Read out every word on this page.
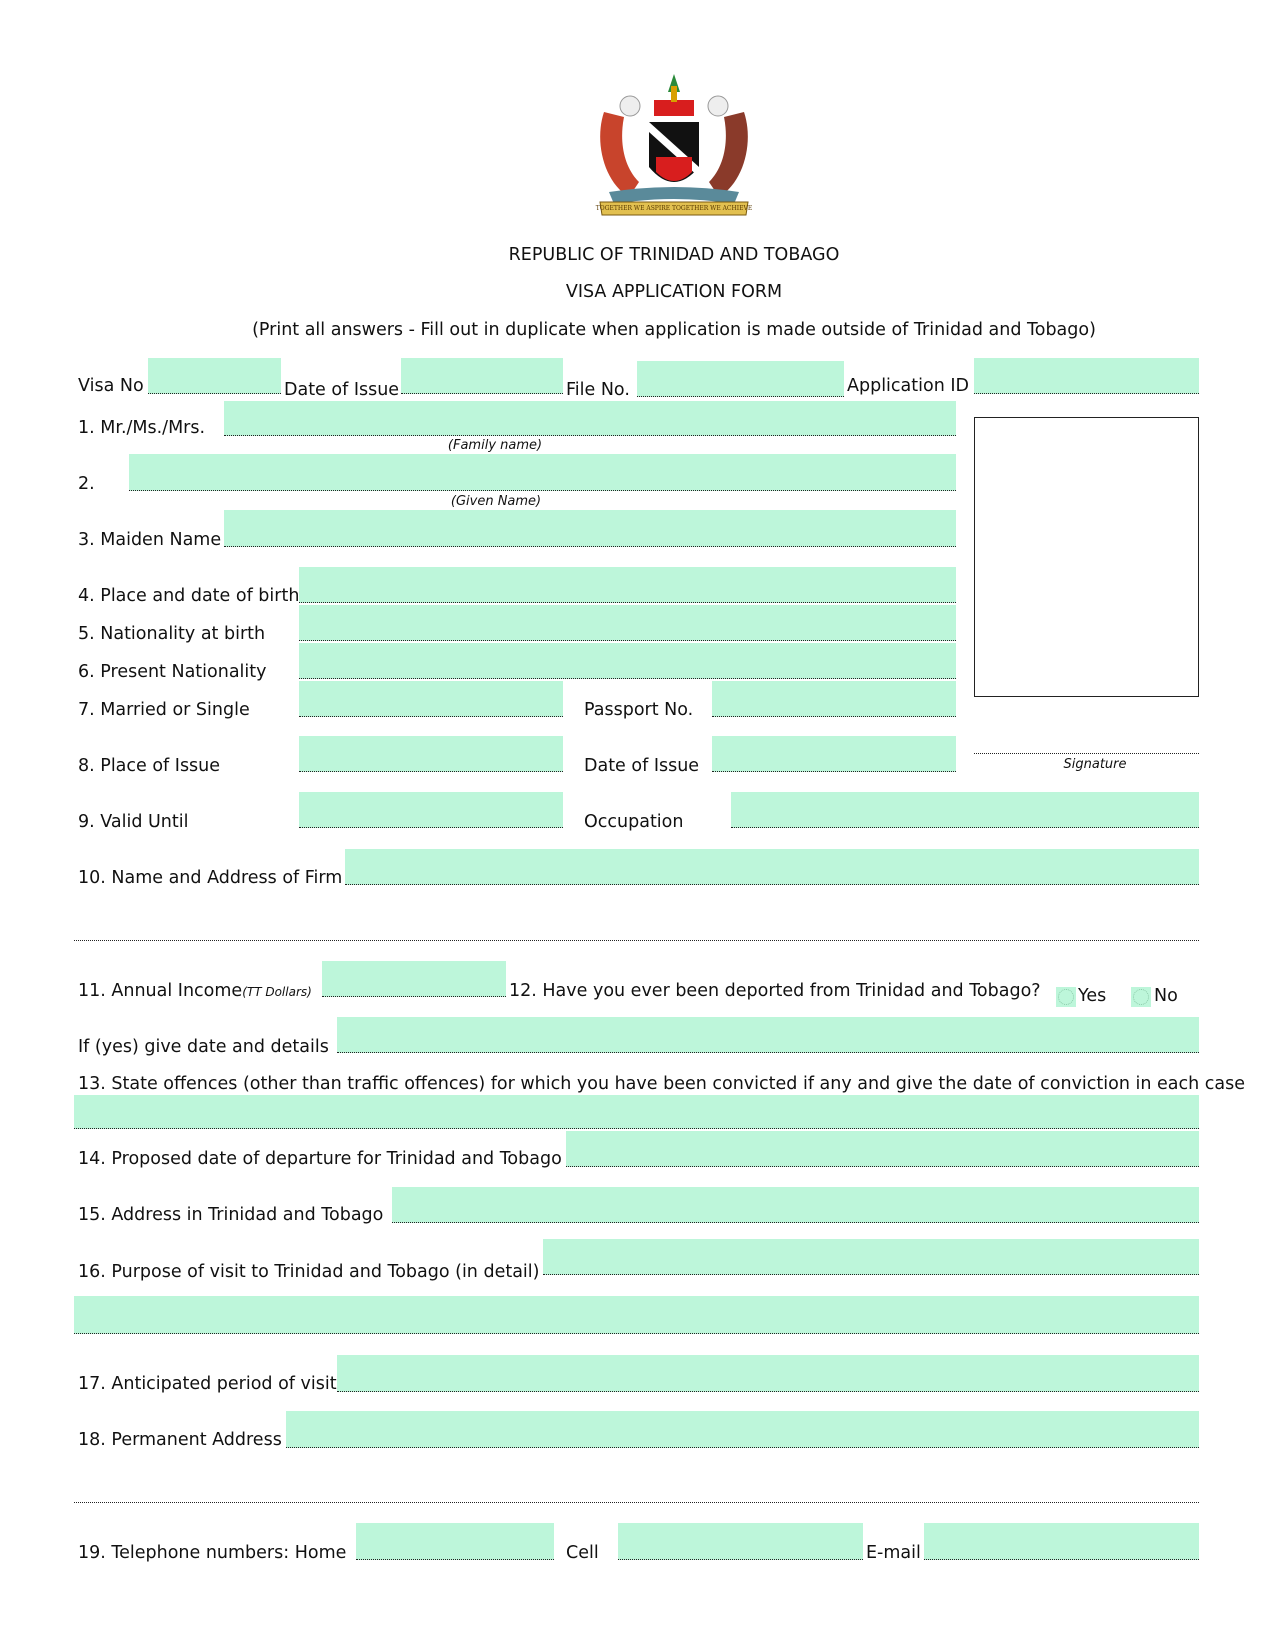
TOGETHER WE ASPIRE TOGETHER WE ACHIEVE
REPUBLIC OF TRINIDAD AND TOBAGO
VISA APPLICATION FORM
(Print all answers - Fill out in duplicate when application is made outside of Trinidad and Tobago)
Visa No	Date of Issue	File No.	Application ID
Signature
1. Mr./Ms./Mrs.
(Family name)
2.
(Given Name)
3. Maiden Name
4. Place and date of birth
5. Nationality at birth
6. Present Nationality
7. Married or Single	Passport No.
8. Place of Issue	Date of Issue
9. Valid Until	Occupation
10. Name and Address of Firm
11. Annual Income(TT Dollars)	12. Have you ever been deported from Trinidad and Tobago? Yes	No
If (yes) give date and details
13. State offences (other than traffic offences) for which you have been convicted if any and give the date of conviction in each case
14. Proposed date of departure for Trinidad and Tobago
15. Address in Trinidad and Tobago
16. Purpose of visit to Trinidad and Tobago (in detail)
17. Anticipated period of visit
18. Permanent Address
19. Telephone numbers: Home	Cell	E-mail
